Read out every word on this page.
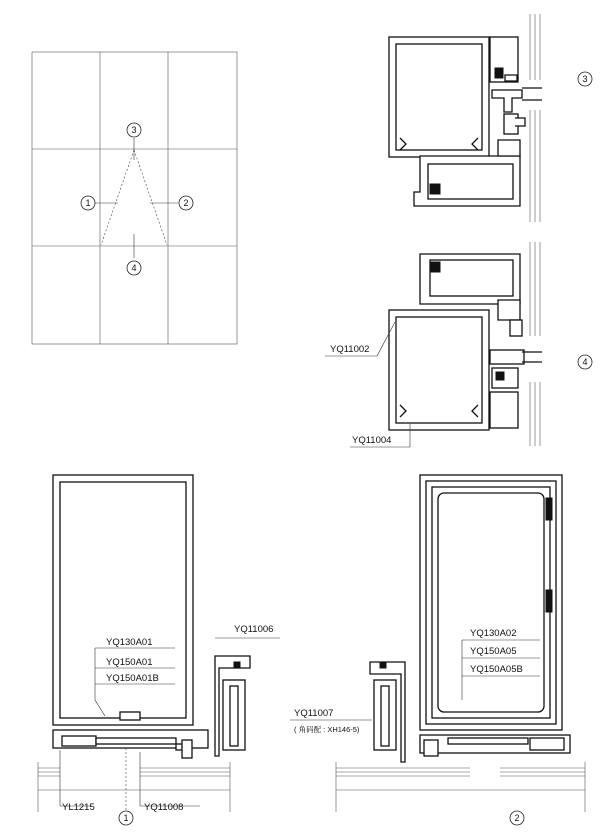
3
1	2
4
3
4
YQ11002
YQ11004
YQ130A01
YQ150A01
YQ150A01B
YQ11006
YL1215	YQ11008
1
YQ130A02
YQ150A05
YQ150A05B
YQ11007
( 角码配 : XH146-5)
2
